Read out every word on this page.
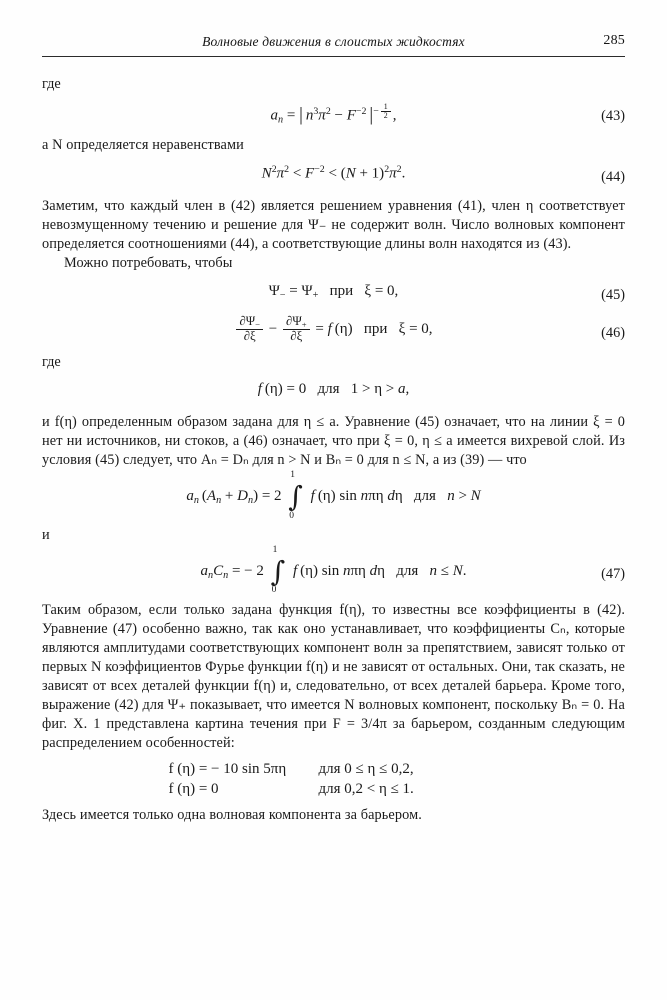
Волновые движения в слоистых жидкостях	285

где

$a_n$ = |  $n^3\pi^2 - F^{-2}$  $|^{- \frac{1}{2}}$ ,	(43)

а N определяется неравенствами

$N^2\pi^2 < F^{-2} < (N + 1)^2\pi^2$.	(44)

Заметим, что каждый член в (42) является решением уравнения (41), член η соответствует невозмущенному течению и решение для Ψ₋ не содержит волн. Число волновых компонент определяется соотношениями (44), а соответствующие длины волн находятся из (43).

Можно потребовать, чтобы

Ψ− = Ψ+   при   ξ = 0,	(45)
$\frac{\partial\Psi-}{\partial\xi} - \frac{\partial\Psi+}{\partial\xi} = f$ (η)   при   ξ = 0,	(46)

где

f (η) = 0   для   1 > η > a,

и f(η) определенным образом задана для η ≤ a. Уравнение (45) означает, что на линии ξ = 0 нет ни источников, ни стоков, а (46) означает, что при ξ = 0, η ≤ a имеется вихревой слой. Из условия (45) следует, что Aₙ = Dₙ для n > N и Bₙ = 0 для n ≤ N, а из (39) — что

$a_n$ $(A_n + D_n) = 2$
1
∫
0
f (η) sin nπη dη   для   n > N

и

$a_nC_n$ = − 2
1
∫
0
f (η) sin nπη dη   для   n ≤ N.	(47)

Таким образом, если только задана функция f(η), то известны все коэффициенты в (42). Уравнение (47) особенно важно, так как оно устанавливает, что коэффициенты Cₙ, которые являются амплитудами соответствующих компонент волн за препятствием, зависят только от первых N коэффициентов Фурье функции f(η) и не зависят от остальных. Они, так сказать, не зависят от всех деталей функции f(η) и, следовательно, от всех деталей барьера. Кроме того, выражение (42) для Ψ₊ показывает, что имеется N волновых компонент, поскольку Bₙ = 0. На фиг. X. 1 представлена картина течения при F = 3/4π за барьером, созданным следующим распределением особенностей:

f (η) = − 10 sin 5πη	для 0 ≤ η ≤ 0,2,
f (η) = 0	для 0,2 < η ≤ 1.

Здесь имеется только одна волновая компонента за барьером.
